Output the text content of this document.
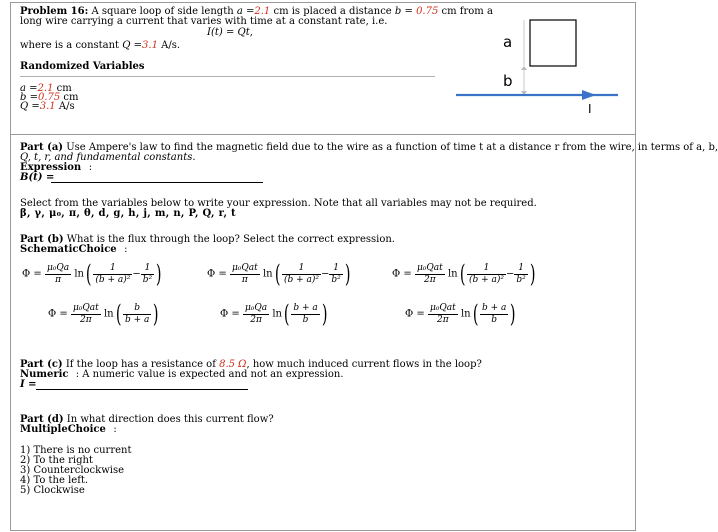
Problem 16: A square loop of side length a =2.1 cm is placed a distance b = 0.75 cm from a
long wire carrying a current that varies with time at a constant rate, i.e.
I(t) = Qt,
where is a constant Q =3.1 A/s.
Randomized Variables
a =2.1 cm
b =0.75 cm
Q =3.1 A/s
a
b
I
Part (a) Use Ampere's law to find the magnetic field due to the wire as a function of time t at a distance r from the wire, in terms of a, b,
Q, t, r, and fundamental constants.
Expression :
B(t) =
Select from the variables below to write your expression. Note that all variables may not be required.
β, γ, μ₀, π, θ, d, g, h, j, m, n, P, Q, r, t
Part (b) What is the flux through the loop? Select the correct expression.
SchematicChoice :
$\Phi = \frac{\text{μ₀Qa}}{\pi} \ln( \frac{1}{\text{(b + a)²}} - \frac{1}{\text{b²}}$ )	$\Phi = \frac{\text{μ₀Qat}}{\pi} \ln( \frac{1}{\text{(b + a)²}} - \frac{1}{\text{b²}}$ )	$\Phi = \frac{\text{μ₀Qat}}{2\pi} \ln( \frac{1}{\text{(b + a)²}} - \frac{1}{\text{b²}}$ )
$\Phi = \frac{\text{μ₀Qat}}{2\pi} \ln( \frac{b}{b + a}$ )	$\Phi = \frac{\text{μ₀Qa}}{2\pi} \ln( \frac{b + a}{b}$ )	$\Phi = \frac{\text{μ₀Qat}}{2\pi} \ln( \frac{b + a}{b}$ )
Part (c) If the loop has a resistance of 8.5 Ω, how much induced current flows in the loop?
Numeric : A numeric value is expected and not an expression.
I =
Part (d) In what direction does this current flow?
MultipleChoice :
1) There is no current
2) To the right
3) Counterclockwise
4) To the left.
5) Clockwise
